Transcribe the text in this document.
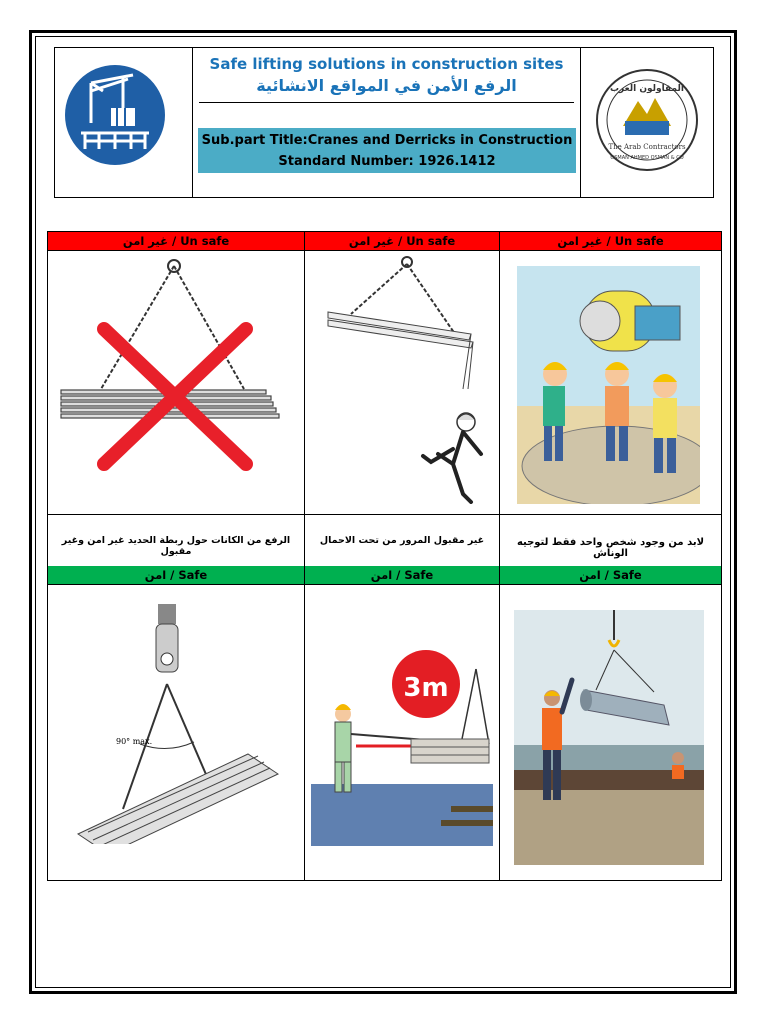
Safe lifting solutions in construction sites
الرفع الأمن في المواقع الانشائية
Sub.part Title:Cranes and Derricks in Construction
Standard Number: 1926.1412
المقاولون العرب
The Arab Contractors
OSMAN AHMED OSMAN & CO
غير امن / Un safe
الرفع من الكانات حول ربطة الحديد غير امن وغير مقبول
امن / Safe
90° max.
غير امن / Un safe
غير مقبول المرور من تحت الاحمال
امن / Safe
3m
غير امن / Un safe
لابد من وجود شخص واحد فقط لتوجيه الوناش
امن / Safe
